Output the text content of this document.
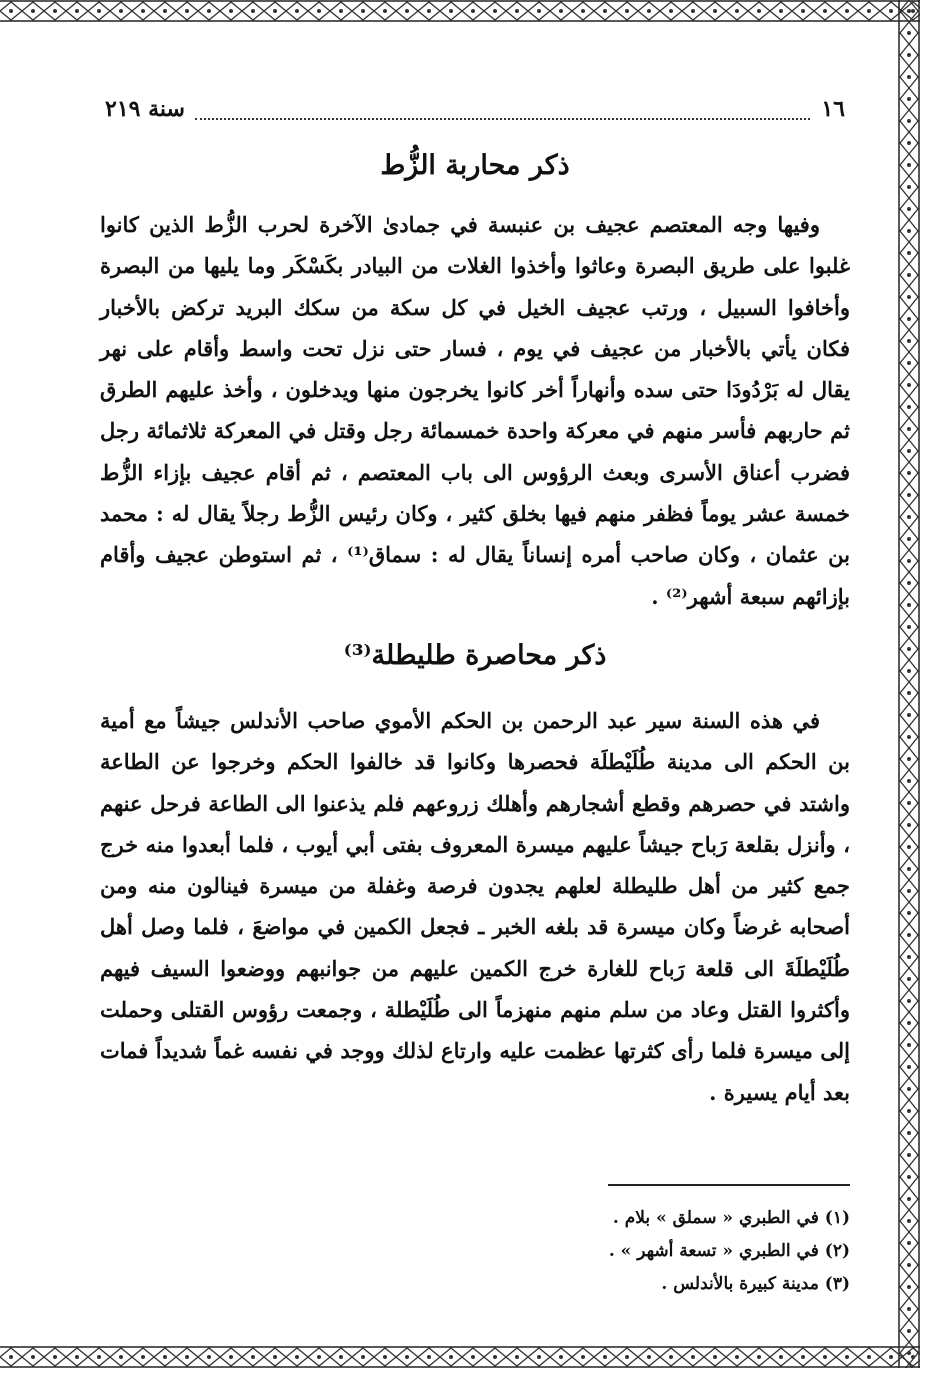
١٦
سنة ٢١٩
ذكر محاربة الزُّط
وفيها وجه المعتصم عجيف بن عنبسة في جمادىٰ الآخرة لحرب الزُّط الذين كانوا غلبوا على طريق البصرة وعاثوا وأخذوا الغلات من البيادر بكَسْكَر وما يليها من البصرة وأخافوا السبيل ، ورتب عجيف الخيل في كل سكة من سكك البريد تركض بالأخبار فكان يأتي بالأخبار من عجيف في يوم ، فسار حتى نزل تحت واسط وأقام على نهر يقال له بَرْدُودَا حتى سده وأنهاراً أخر كانوا يخرجون منها ويدخلون ، وأخذ عليهم الطرق ثم حاربهم فأسر منهم في معركة واحدة خمسمائة رجل وقتل في المعركة ثلاثمائة رجل فضرب أعناق الأسرى وبعث الرؤوس الى باب المعتصم ، ثم أقام عجيف بإزاء الزُّط خمسة عشر يوماً فظفر منهم فيها بخلق كثير ، وكان رئيس الزُّط رجلاً يقال له : محمد بن عثمان ، وكان صاحب أمره إنساناً يقال له : سماق⁽¹⁾ ، ثم استوطن عجيف وأقام بإزائهم سبعة أشهر⁽²⁾ .
ذكر محاصرة طليطلة⁽³⁾
في هذه السنة سير عبد الرحمن بن الحكم الأموي صاحب الأندلس جيشاً مع أمية بن الحكم الى مدينة طُلَيْطلَة فحصرها وكانوا قد خالفوا الحكم وخرجوا عن الطاعة واشتد في حصرهم وقطع أشجارهم وأهلك زروعهم فلم يذعنوا الى الطاعة فرحل عنهم ، وأنزل بقلعة رَباح جيشاً عليهم ميسرة المعروف بفتى أبي أيوب ، فلما أبعدوا منه خرج جمع كثير من أهل طليطلة لعلهم يجدون فرصة وغفلة من ميسرة فينالون منه ومن أصحابه غرضاً وكان ميسرة قد بلغه الخبر ـ فجعل الكمين في مواضعَ ، فلما وصل أهل طُلَيْطلَةَ الى قلعة رَباح للغارة خرج الكمين عليهم من جوانبهم ووضعوا السيف فيهم وأكثروا القتل وعاد من سلم منهم منهزماً الى طُلَيْطلة ، وجمعت رؤوس القتلى وحملت إلى ميسرة فلما رأى كثرتها عظمت عليه وارتاع لذلك ووجد في نفسه غماً شديداً فمات بعد أيام يسيرة .
(١) في الطبري « سملق » بلام .
(٢) في الطبري « تسعة أشهر » .
(٣) مدينة كبيرة بالأندلس .
